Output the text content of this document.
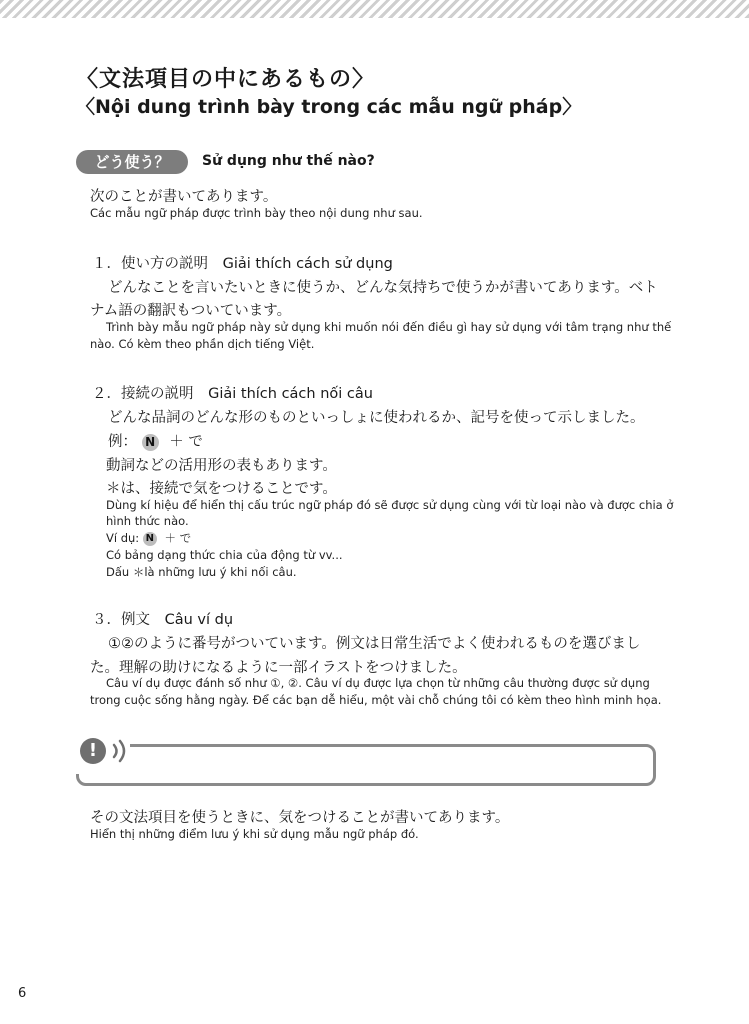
〈文法項目の中にあるもの〉
〈Nội dung trình bày trong các mẫu ngữ pháp〉
どう使う？	Sử dụng như thế nào?
次のことが書いてあります。
Các mẫu ngữ pháp được trình bày theo nội dung như sau.
１．使い方の説明 Giải thích cách sử dụng
どんなことを言いたいときに使うか、どんな気持ちで使うかが書いてあります。ベト
ナム語の翻訳もついています。
Trình bày mẫu ngữ pháp này sử dụng khi muốn nói đến điều gì hay sử dụng với tâm trạng như thế
nào. Có kèm theo phần dịch tiếng Việt.
２．接続の説明 Giải thích cách nối câu
どんな品詞のどんな形のものといっしょに使われるか、記号を使って示しました。
例： N ＋ で
動詞などの活用形の表もあります。
＊は、接続で気をつけることです。
Dùng kí hiệu để hiển thị cấu trúc ngữ pháp đó sẽ được sử dụng cùng với từ loại nào và được chia ở
hình thức nào.
Ví dụ: N ＋ で
Có bảng dạng thức chia của động từ vv...
Dấu ＊là những lưu ý khi nối câu.
３．例文 Câu ví dụ
①②のように番号がついています。例文は日常生活でよく使われるものを選びまし
た。理解の助けになるように一部イラストをつけました。
Câu ví dụ được đánh số như ①, ②. Câu ví dụ được lựa chọn từ những câu thường được sử dụng
trong cuộc sống hằng ngày. Để các bạn dễ hiểu, một vài chỗ chúng tôi có kèm theo hình minh họa.
!
その文法項目を使うときに、気をつけることが書いてあります。
Hiển thị những điểm lưu ý khi sử dụng mẫu ngữ pháp đó.
6
